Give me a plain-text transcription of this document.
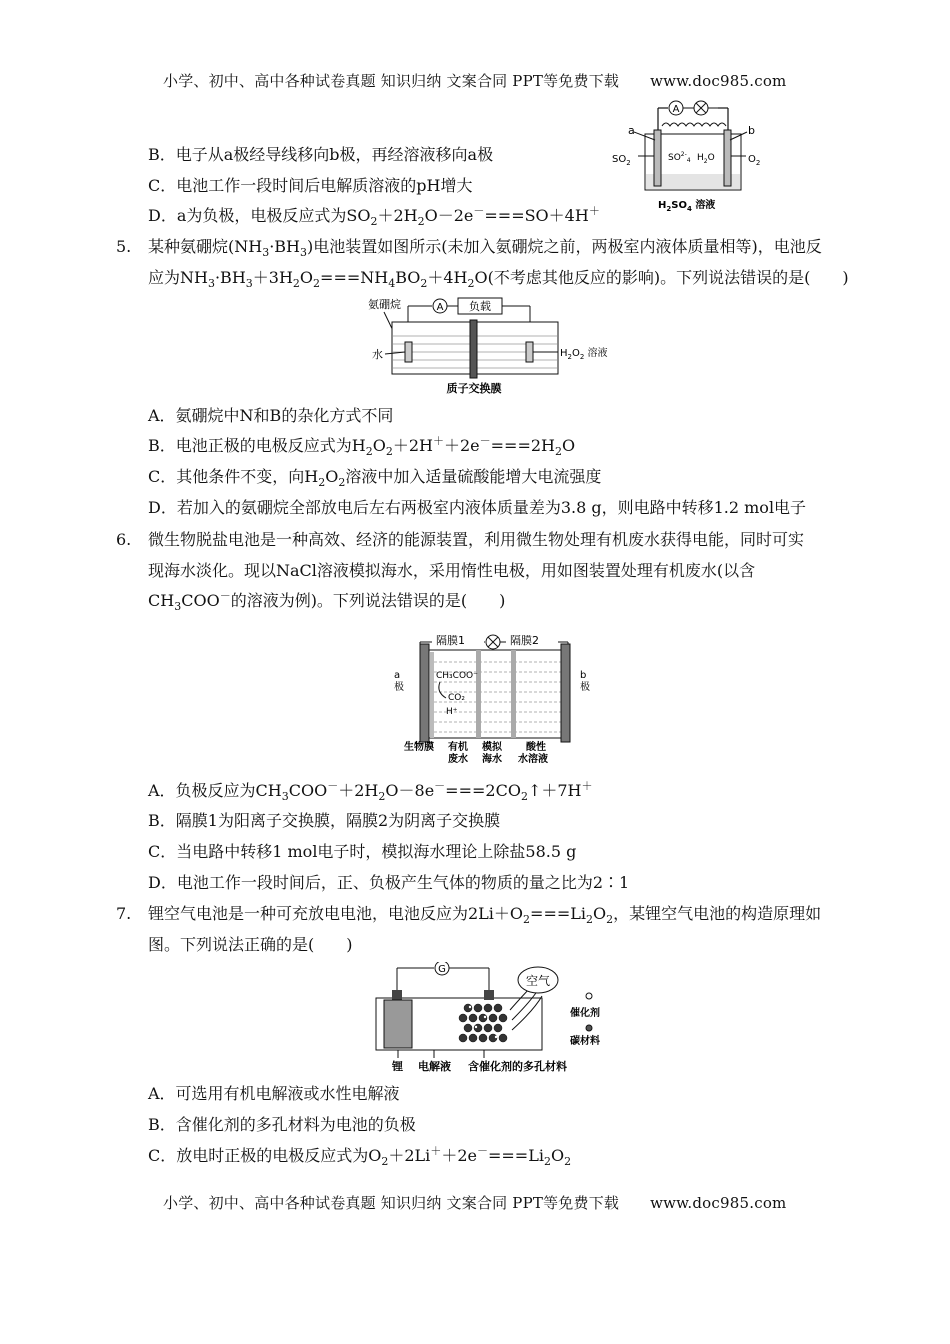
小学、初中、高中各种试卷真题 知识归纳 文案合同 PPT等免费下载 www.doc985.com
B．电子从a极经导线移向b极，再经溶液移向a极
C．电池工作一段时间后电解质溶液的pH增大
D．a为负极，电极反应式为$SO_2+2H_2O-2e^-===SO+4H^+$
A
a	b
$SO_2$	$SO^{2-}_4$ $H_2O$	$O_2$
$H_2SO_4$ 溶液
5. 某种氨硼烷$(NH_3\cdot BH_3)$电池装置如图所示(未加入氨硼烷之前，两极室内液体质量相等)，电池反
应为$NH_3\cdot BH_3+3H_2O_2===NH_4BO_2+4H_2O$(不考虑其他反应的影响)。下列说法错误的是(　　)
氨硼烷	A 负载
水	$H_2O_2$ 溶液
质子交换膜
A．氨硼烷中N和B的杂化方式不同
B．电池正极的电极反应式为$H_2O_2+2H^++2e^-===2H_2O$
C．其他条件不变，向$H_2O_2$溶液中加入适量硫酸能增大电流强度
D．若加入的氨硼烷全部放电后左右两极室内液体质量差为3.8 g，则电路中转移1.2 mol电子
6. 微生物脱盐电池是一种高效、经济的能源装置，利用微生物处理有机废水获得电能，同时可实
现海水淡化。现以NaCl溶液模拟海水，采用惰性电极，用如图装置处理有机废水(以含
$CH_3COO^-$的溶液为例)。下列说法错误的是(　　)
隔膜1	隔膜2
a
极
b
极
CH₃COO⁻
CO₂
H⁺
生物膜 有机
废水
模拟
海水
酸性
水溶液
A．负极反应为$CH_3COO^-+2H_2O-8e^-===2CO_2↑+7H^+$
B．隔膜1为阳离子交换膜，隔膜2为阴离子交换膜
C．当电路中转移1 mol电子时，模拟海水理论上除盐58.5 g
D．电池工作一段时间后，正、负极产生气体的物质的量之比为2∶1
7. 锂空气电池是一种可充放电电池，电池反应为$2Li+O_2===Li_2O_2$，某锂空气电池的构造原理如
图。下列说法正确的是(　　)
G
空气
催化剂
碳材料
锂 电解液 含催化剂的多孔材料
A．可选用有机电解液或水性电解液
B．含催化剂的多孔材料为电池的负极
C．放电时正极的电极反应式为$O_2+2Li^++2e^-===Li_2O_2$
小学、初中、高中各种试卷真题 知识归纳 文案合同 PPT等免费下载 www.doc985.com
